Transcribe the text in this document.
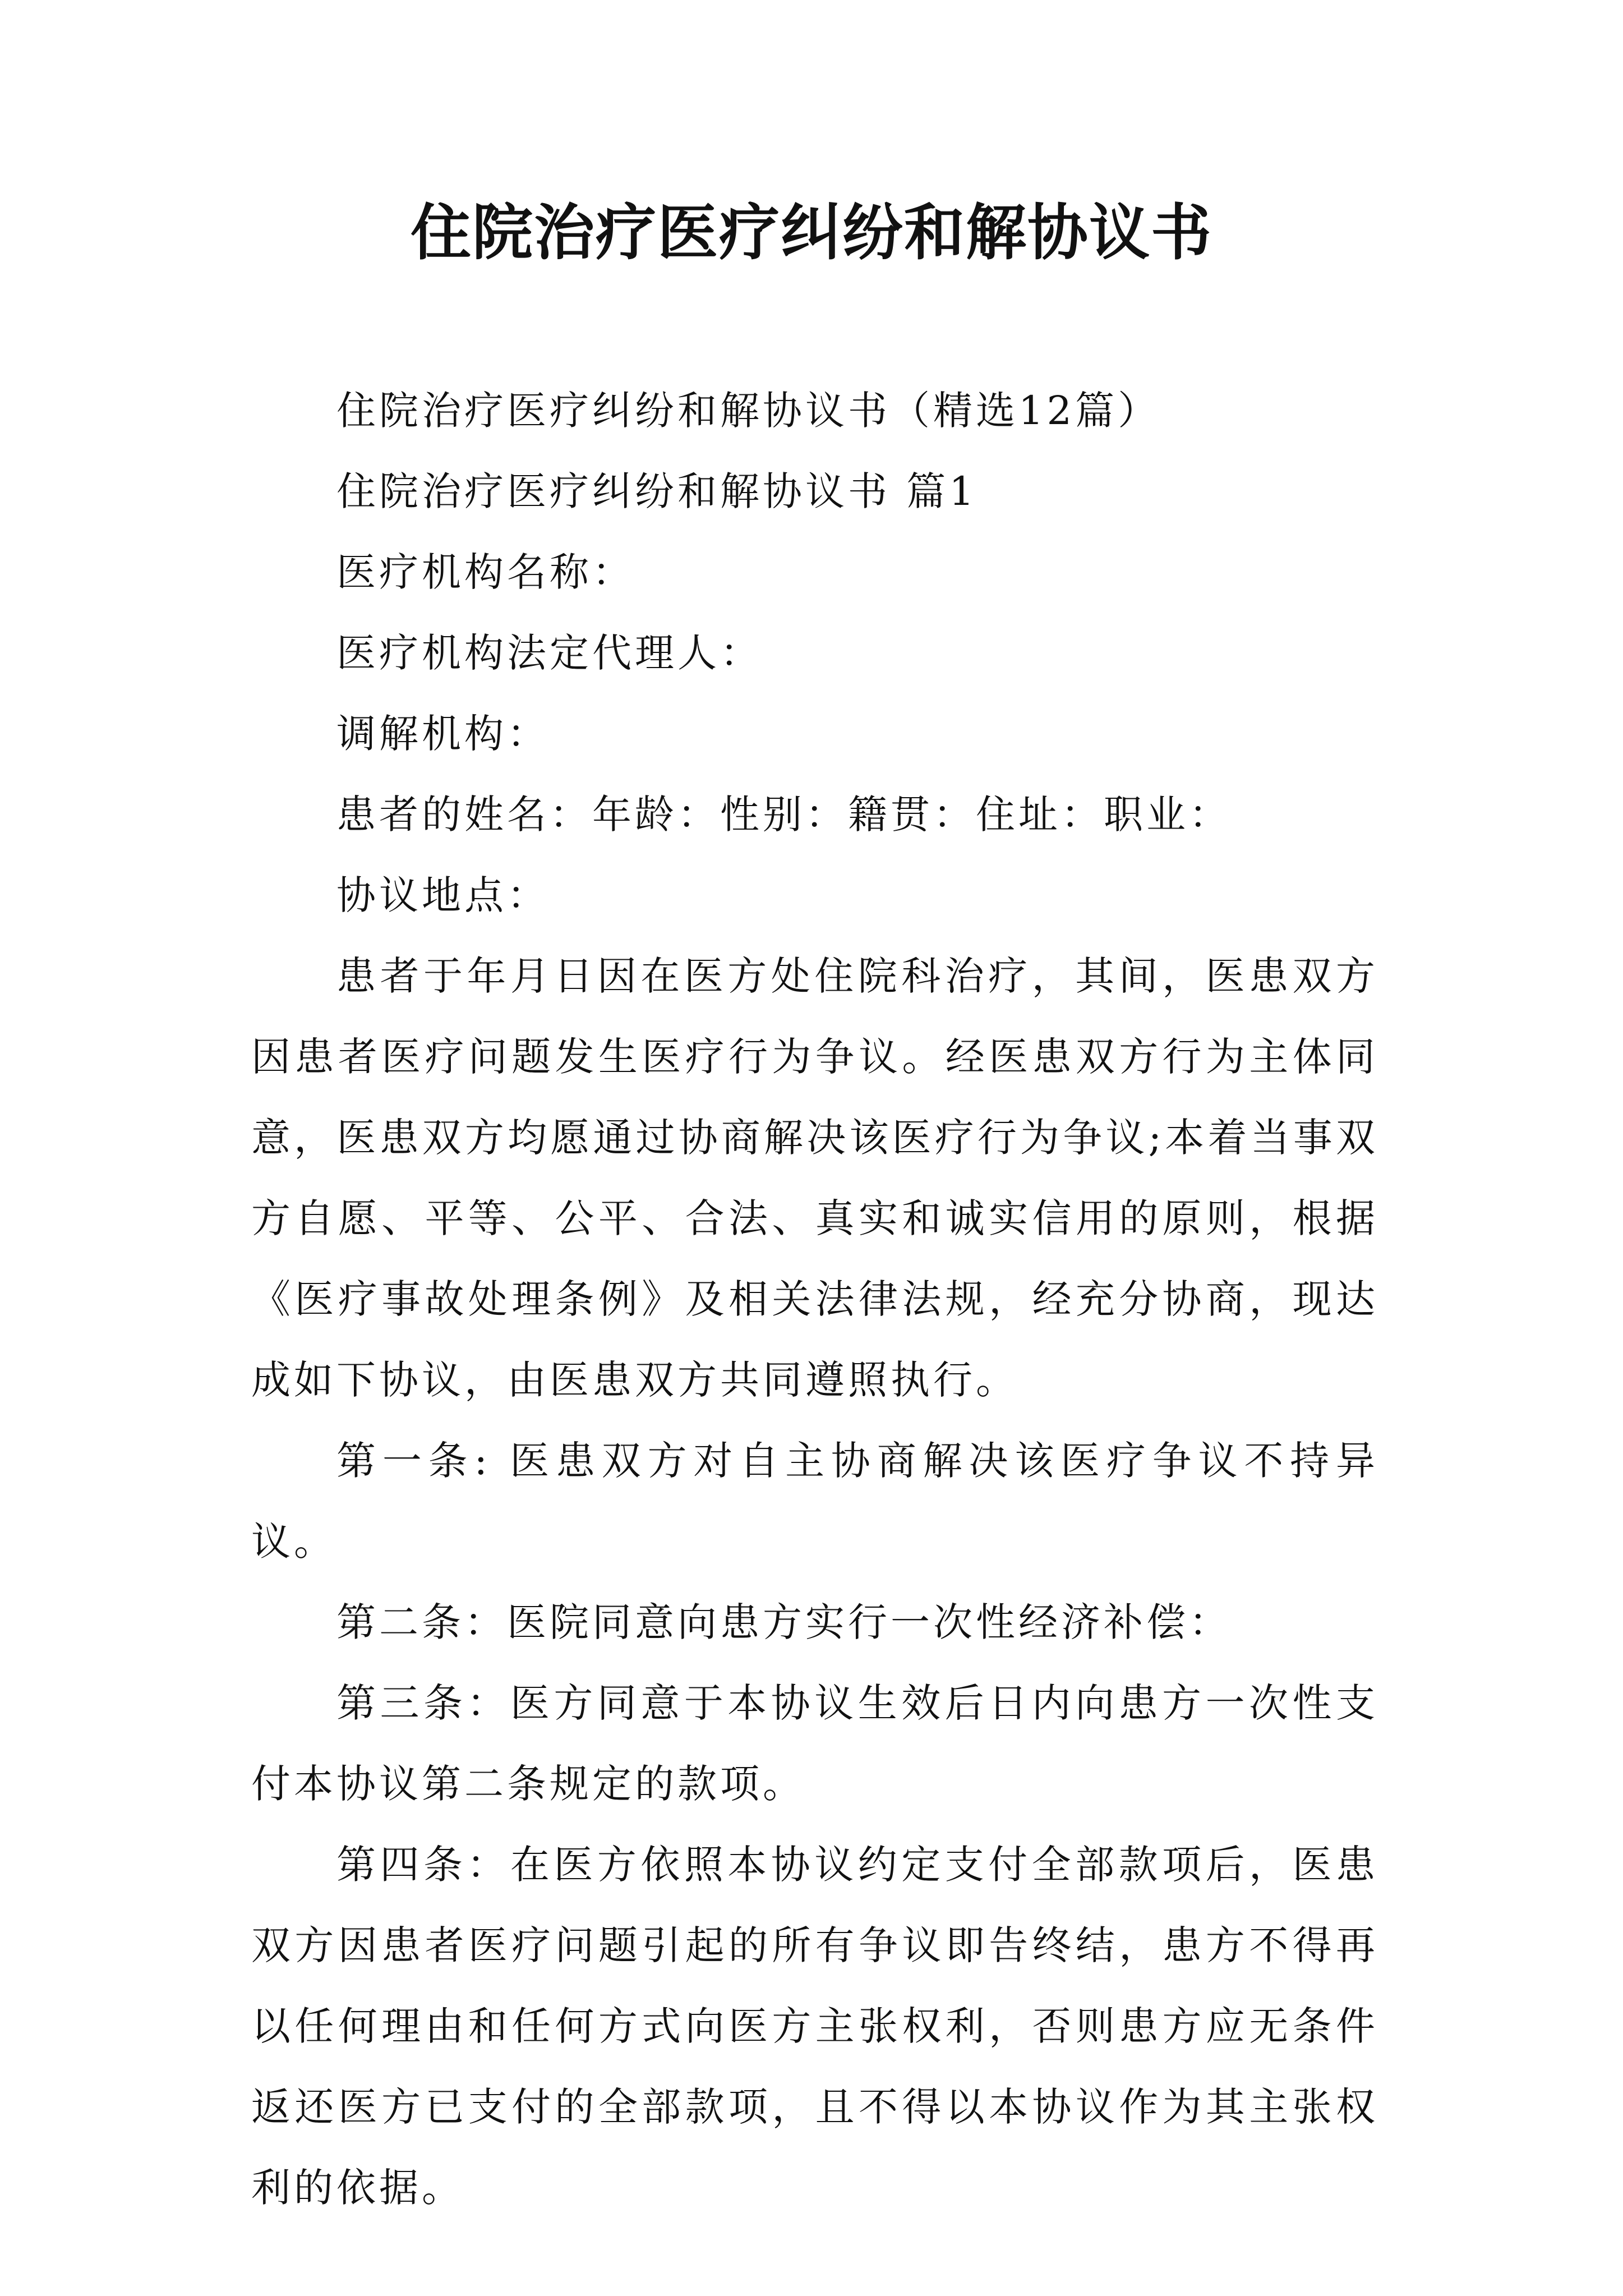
住院治疗医疗纠纷和解协议书

住院治疗医疗纠纷和解协议书（精选12篇）

住院治疗医疗纠纷和解协议书 篇1

医疗机构名称：

医疗机构法定代理人：

调解机构：

患者的姓名：年龄：性别：籍贯：住址：职业：

协议地点：

患者于年月日因在医方处住院科治疗，其间，医患双方因患者医疗问题发生医疗行为争议。经医患双方行为主体同意，医患双方均愿通过协商解决该医疗行为争议;本着当事双方自愿、平等、公平、合法、真实和诚实信用的原则，根据《医疗事故处理条例》及相关法律法规，经充分协商，现达成如下协议，由医患双方共同遵照执行。

第一条: 医患双方对自主协商解决该医疗争议不持异议。

第二条：医院同意向患方实行一次性经济补偿：

第三条：医方同意于本协议生效后日内向患方一次性支付本协议第二条规定的款项。

第四条：在医方依照本协议约定支付全部款项后，医患双方因患者医疗问题引起的所有争议即告终结，患方不得再以任何理由和任何方式向医方主张权利，否则患方应无条件返还医方已支付的全部款项，且不得以本协议作为其主张权利的依据。
